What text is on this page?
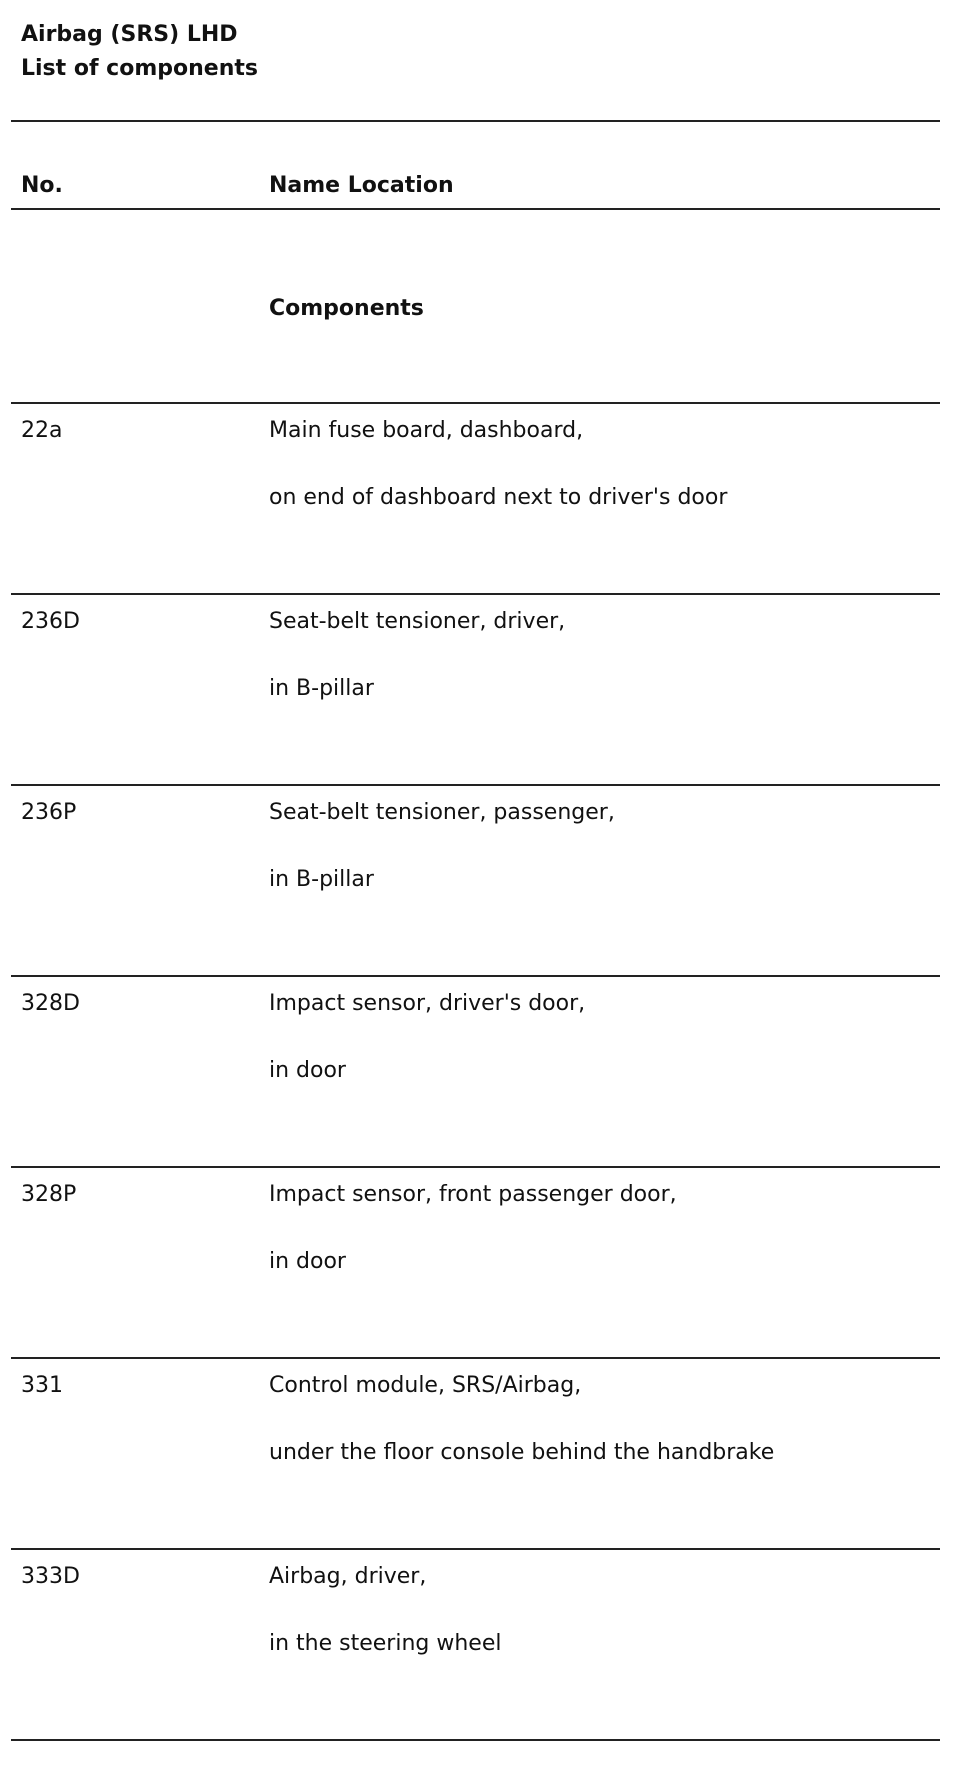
Airbag (SRS) LHD
List of components
No.	Name Location
Components
22a	Main fuse board, dashboard,
on end of dashboard next to driver's door
236D	Seat-belt tensioner, driver,
in B-pillar
236P	Seat-belt tensioner, passenger,
in B-pillar
328D	Impact sensor, driver's door,
in door
328P	Impact sensor, front passenger door,
in door
331	Control module, SRS/Airbag,
under the floor console behind the handbrake
333D	Airbag, driver,
in the steering wheel
